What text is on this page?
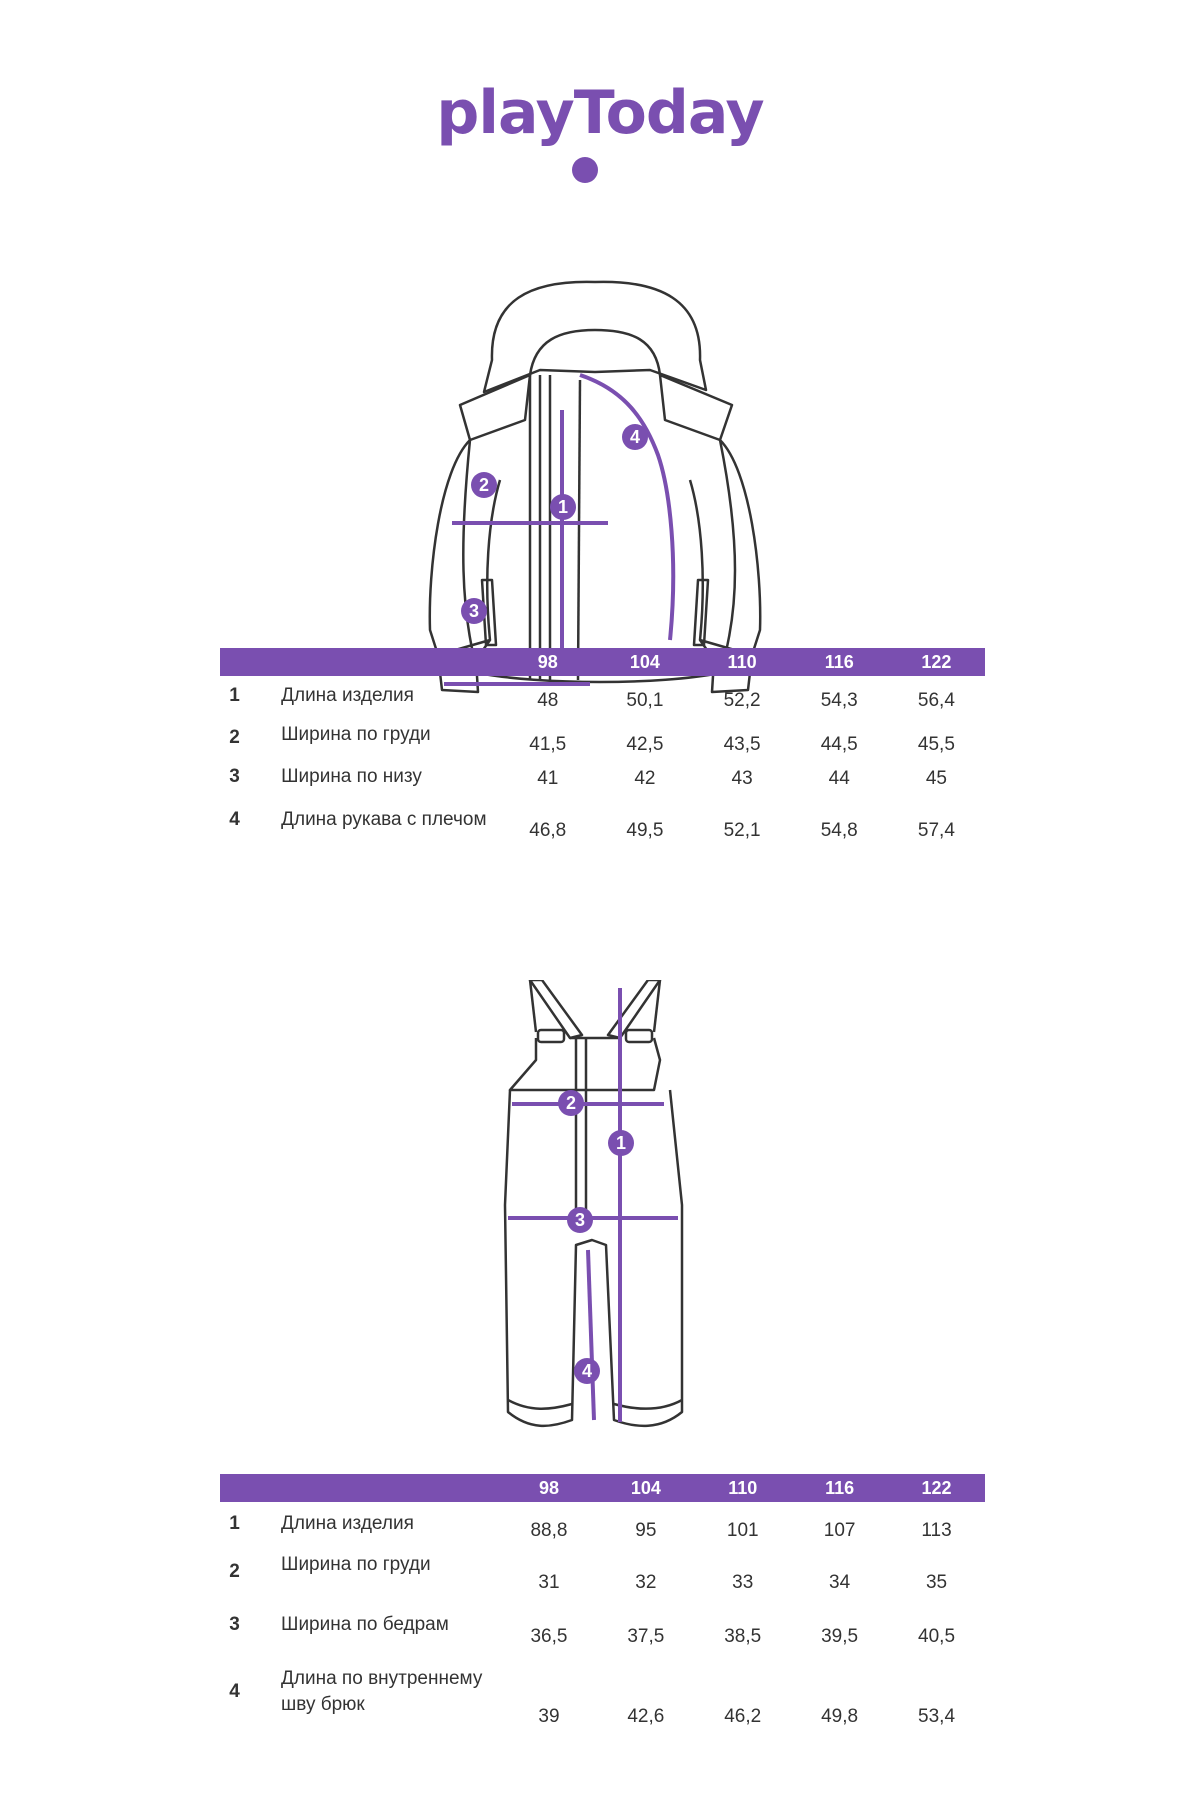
playToday
1
2
3
4
		98	104	110	116	122
1	Длина изделия	48	50,1	52,2	54,3	56,4
2	Ширина по груди	41,5	42,5	43,5	44,5	45,5
3	Ширина по низу	41	42	43	44	45
4	Длина рукава с плечом	46,8	49,5	52,1	54,8	57,4
1
2
3
4
		98	104	110	116	122
1	Длина изделия	88,8	95	101	107	113
2	Ширина по груди	31	32	33	34	35
3	Ширина по бедрам	36,5	37,5	38,5	39,5	40,5
4	Длина по внутреннему шву брюк	39	42,6	46,2	49,8	53,4
